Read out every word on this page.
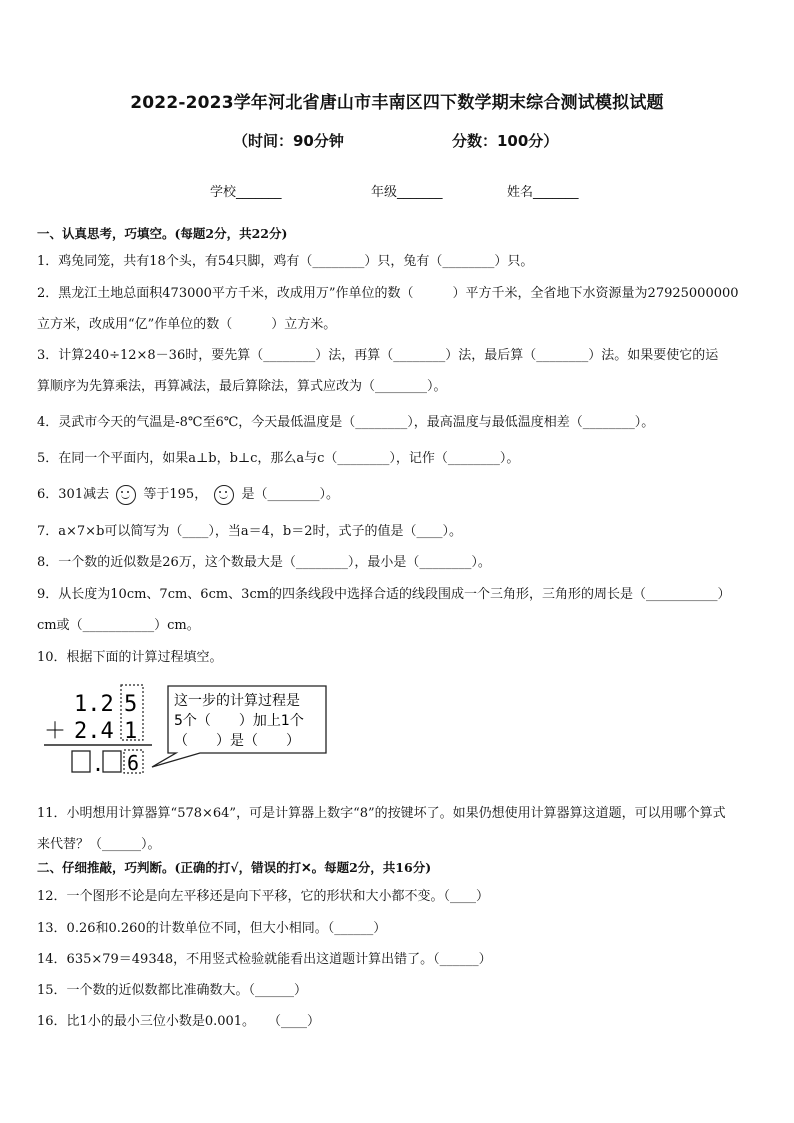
2022-2023学年河北省唐山市丰南区四下数学期末综合测试模拟试题
（时间：90分钟	分数：100分）
学校_______	年级_______	姓名_______
一、认真思考，巧填空。(每题2分，共22分)
1．鸡兔同笼，共有18个头，有54只脚，鸡有（________）只，兔有（________）只。
2．黑龙江土地总面积473000平方千米，改成用万”作单位的数（　　　）平方千米，全省地下水资源量为27925000000
立方米，改成用“亿”作单位的数（　　　）立方米。
3．计算240÷12×8－36时，要先算（________）法，再算（________）法，最后算（________）法。如果要使它的运
算顺序为先算乘法，再算减法，最后算除法，算式应改为（________）。
4．灵武市今天的气温是-8℃至6℃，今天最低温度是（________），最高温度与最低温度相差（________）。
5．在同一个平面内，如果a⊥b，b⊥c，那么a与c（________），记作（________）。
6．301减去	等于195，	是（________）。
7．a×7×b可以简写为（____），当a＝4，b＝2时，式子的值是（____）。
8．一个数的近似数是26万，这个数最大是（________），最小是（________）。
9．从长度为10cm、7cm、6cm、3cm的四条线段中选择合适的线段围成一个三角形，三角形的周长是（___________）
cm或（___________）cm。
10．根据下面的计算过程填空。
1.2 5
＋ 2.4 1
. 6
这一步的计算过程是
5个（　　）加上1个
（　　）是（　　）
11．小明想用计算器算“578×64”，可是计算器上数字“8”的按键坏了。如果仍想使用计算器算这道题，可以用哪个算式
来代替？（______）。
二、仔细推敲，巧判断。(正确的打√，错误的打✕。每题2分，共16分)
12．一个图形不论是向左平移还是向下平移，它的形状和大小都不变。（____）
13．0.26和0.260的计数单位不同，但大小相同。（______）
14．635×79＝49348，不用竖式检验就能看出这道题计算出错了。（______）
15．一个数的近似数都比准确数大。（______）
16．比1小的最小三位小数是0.001。　　（____）
